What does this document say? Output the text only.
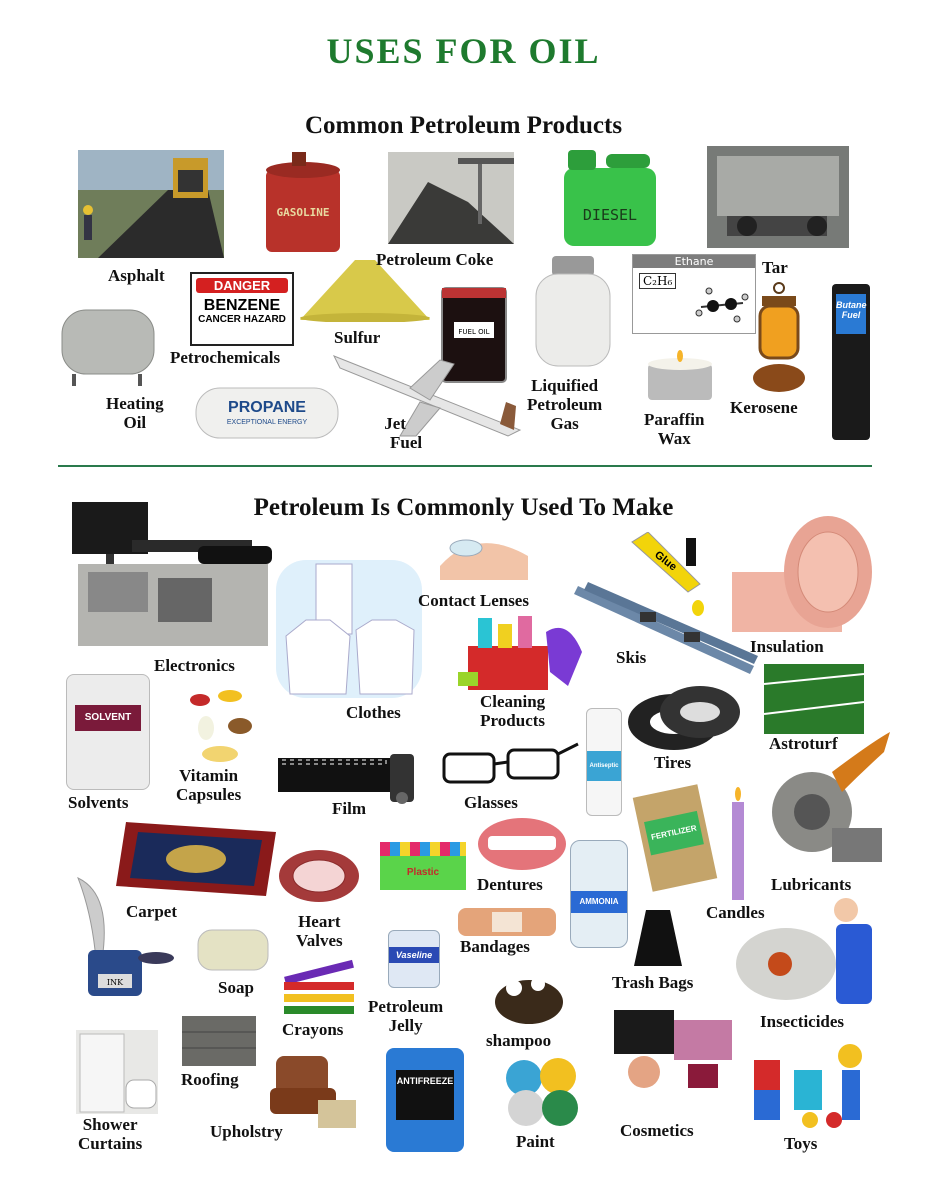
USES FOR OIL
Common Petroleum Products
Petroleum Is Commonly Used To Make
GASOLINE	DIESEL
DANGER
BENZENE
CANCER HAZARD
FUEL OIL
Ethane
C₂H₆
PROPANE
EXCEPTIONAL ENERGY
Butane Fuel
Asphalt
Petroleum Coke	Tar
Sulfur
Petrochemicals
Heating
Oil	Jet
Fuel
Liquified
Petroleum
Gas	Paraffin
Wax
Kerosene
Glue
SOLVENT
Antiseptic
Plastic
AMMONIA
FERTILIZER
INK
Vaseline
ANTIFREEZE
Electronics
Clothes
Contact Lenses
Skis
Insulation
Cleaning
Products
Solvents
Vitamin
Capsules
Film	Glasses
Tires
Astroturf
Carpet
Heart
Valves
Dentures
Candles
Lubricants
Soap
Bandages
Trash Bags
Crayons
Petroleum
Jelly
shampoo
Insecticides
Roofing
Shower
Curtains
Upholstry
Paint
Cosmetics
Toys
